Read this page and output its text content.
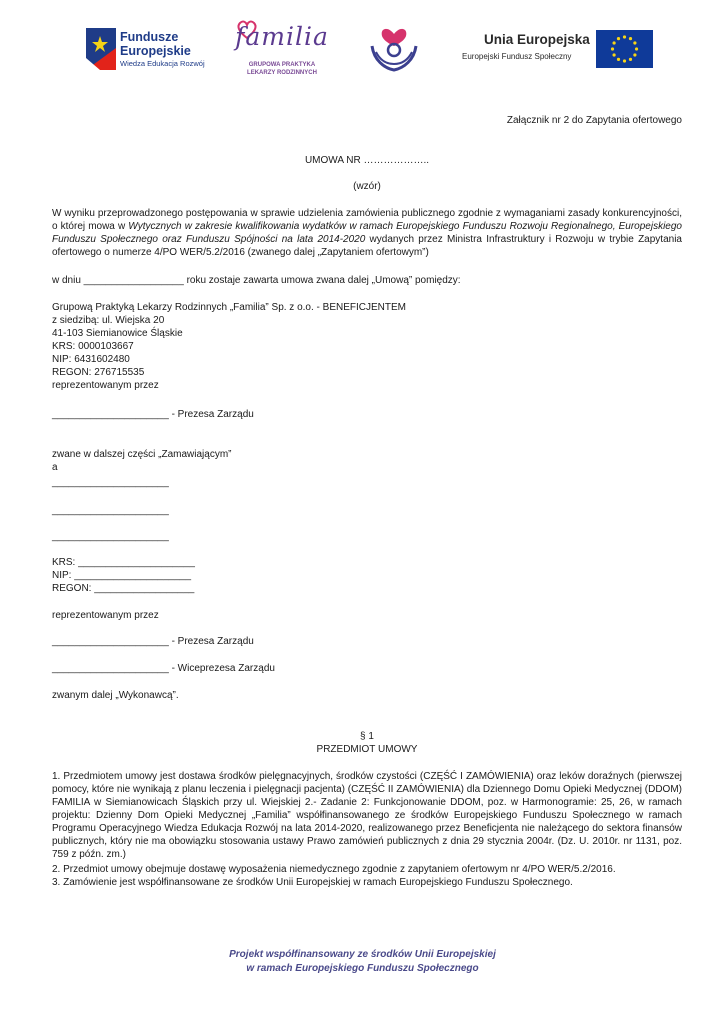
Fundusze
Europejskie
Wiedza Edukacja Rozwój
familia
GRUPOWA PRAKTYKA
LEKARZY RODZINNYCH
Unia Europejska
Europejski Fundusz Społeczny
Załącznik nr 2 do Zapytania ofertowego
UMOWA NR ………………..
(wzór)

W wyniku przeprowadzonego postępowania w sprawie udzielenia zamówienia publicznego zgodnie z wymaganiami zasady konkurencyjności, o której mowa w Wytycznych w zakresie kwalifikowania wydatków w ramach Europejskiego Funduszu Rozwoju Regionalnego, Europejskiego Funduszu Społecznego oraz Funduszu Spójności na lata 2014-2020 wydanych przez Ministra Infrastruktury i Rozwoju w trybie Zapytania ofertowego o numerze 4/PO WER/5.2/2016 (zwanego dalej „Zapytaniem ofertowym”)

w dniu __________________ roku zostaje zawarta umowa zwana dalej „Umową” pomiędzy:
Grupową Praktyką Lekarzy Rodzinnych „Familia” Sp. z o.o. - BENEFICJENTEM
z siedzibą: ul. Wiejska 20
41-103 Siemianowice Śląskie
KRS: 0000103667
NIP: 6431602480
REGON: 276715535
reprezentowanym przez
_____________________ - Prezesa Zarządu
zwane w dalszej części „Zamawiającym”
a
_____________________
_____________________
_____________________
KRS: _____________________
NIP: _____________________
REGON: __________________
reprezentowanym przez
_____________________ - Prezesa Zarządu
_____________________ - Wiceprezesa Zarządu
zwanym dalej „Wykonawcą”.
§ 1
PRZEDMIOT UMOWY

1. Przedmiotem umowy jest dostawa środków pielęgnacyjnych, środków czystości (CZĘŚĆ I ZAMÓWIENIA) oraz leków doraźnych (pierwszej pomocy, które nie wynikają z planu leczenia i pielęgnacji pacjenta) (CZĘŚĆ II ZAMÓWIENIA) dla Dziennego Domu Opieki Medycznej (DDOM) FAMILIA w Siemianowicach Śląskich przy ul. Wiejskiej 2.- Zadanie 2: Funkcjonowanie DDOM, poz. w Harmonogramie: 25, 26, w ramach projektu: Dzienny Dom Opieki Medycznej „Familia” współfinansowanego ze środków Europejskiego Funduszu Społecznego w ramach Programu Operacyjnego Wiedza Edukacja Rozwój na lata 2014-2020, realizowanego przez Beneficjenta nie należącego do sektora finansów publicznych, który nie ma obowiązku stosowania ustawy Prawo zamówień publicznych z dnia 29 stycznia 2004r. (Dz. U. 2010r. nr 1131, poz. 759 z późn. zm.)

2. Przedmiot umowy obejmuje dostawę wyposażenia niemedycznego zgodnie z zapytaniem ofertowym nr 4/PO WER/5.2/2016.
3. Zamówienie jest współfinansowane ze środków Unii Europejskiej w ramach Europejskiego Funduszu Społecznego.
Projekt współfinansowany ze środków Unii Europejskiej
w ramach Europejskiego Funduszu Społecznego
